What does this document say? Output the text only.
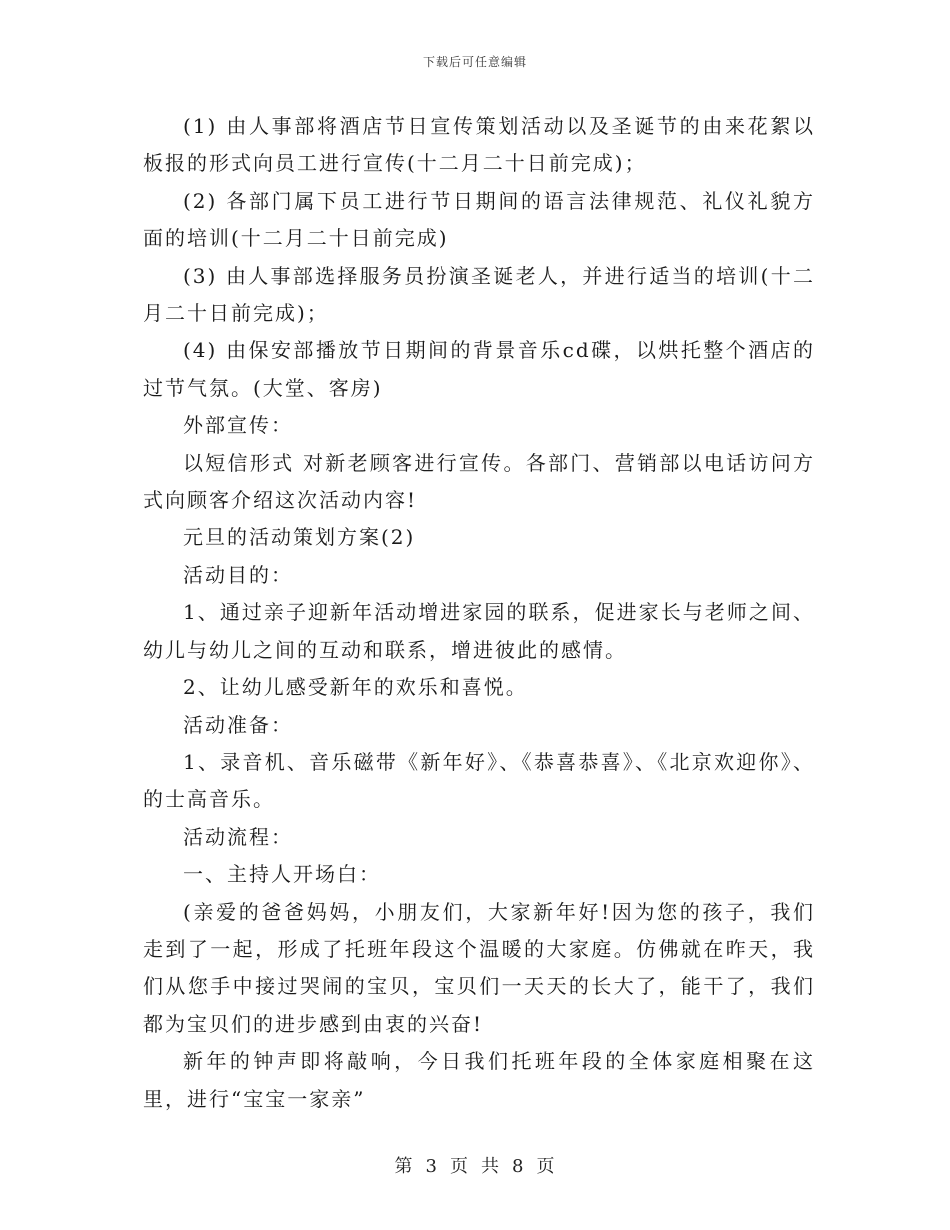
下载后可任意编辑

(1) 由人事部将酒店节日宣传策划活动以及圣诞节的由来花絮以板报的形式向员工进行宣传(十二月二十日前完成)；

(2) 各部门属下员工进行节日期间的语言法律规范、礼仪礼貌方面的培训(十二月二十日前完成)

(3) 由人事部选择服务员扮演圣诞老人，并进行适当的培训(十二月二十日前完成)；

(4) 由保安部播放节日期间的背景音乐cd碟，以烘托整个酒店的过节气氛。(大堂、客房)

外部宣传：

以短信形式 对新老顾客进行宣传。各部门、营销部以电话访问方式向顾客介绍这次活动内容!

元旦的活动策划方案(2)

活动目的：

1、通过亲子迎新年活动增进家园的联系，促进家长与老师之间、幼儿与幼儿之间的互动和联系，增进彼此的感情。

2、让幼儿感受新年的欢乐和喜悦。

活动准备：

1、录音机、音乐磁带《新年好》、《恭喜恭喜》、《北京欢迎你》、的士高音乐。

活动流程：

一、主持人开场白：

(亲爱的爸爸妈妈，小朋友们，大家新年好!因为您的孩子，我们走到了一起，形成了托班年段这个温暖的大家庭。仿佛就在昨天，我们从您手中接过哭闹的宝贝，宝贝们一天天的长大了，能干了，我们都为宝贝们的进步感到由衷的兴奋!

新年的钟声即将敲响，今日我们托班年段的全体家庭相聚在这里，进行“宝宝一家亲”

第 3 页 共 8 页
